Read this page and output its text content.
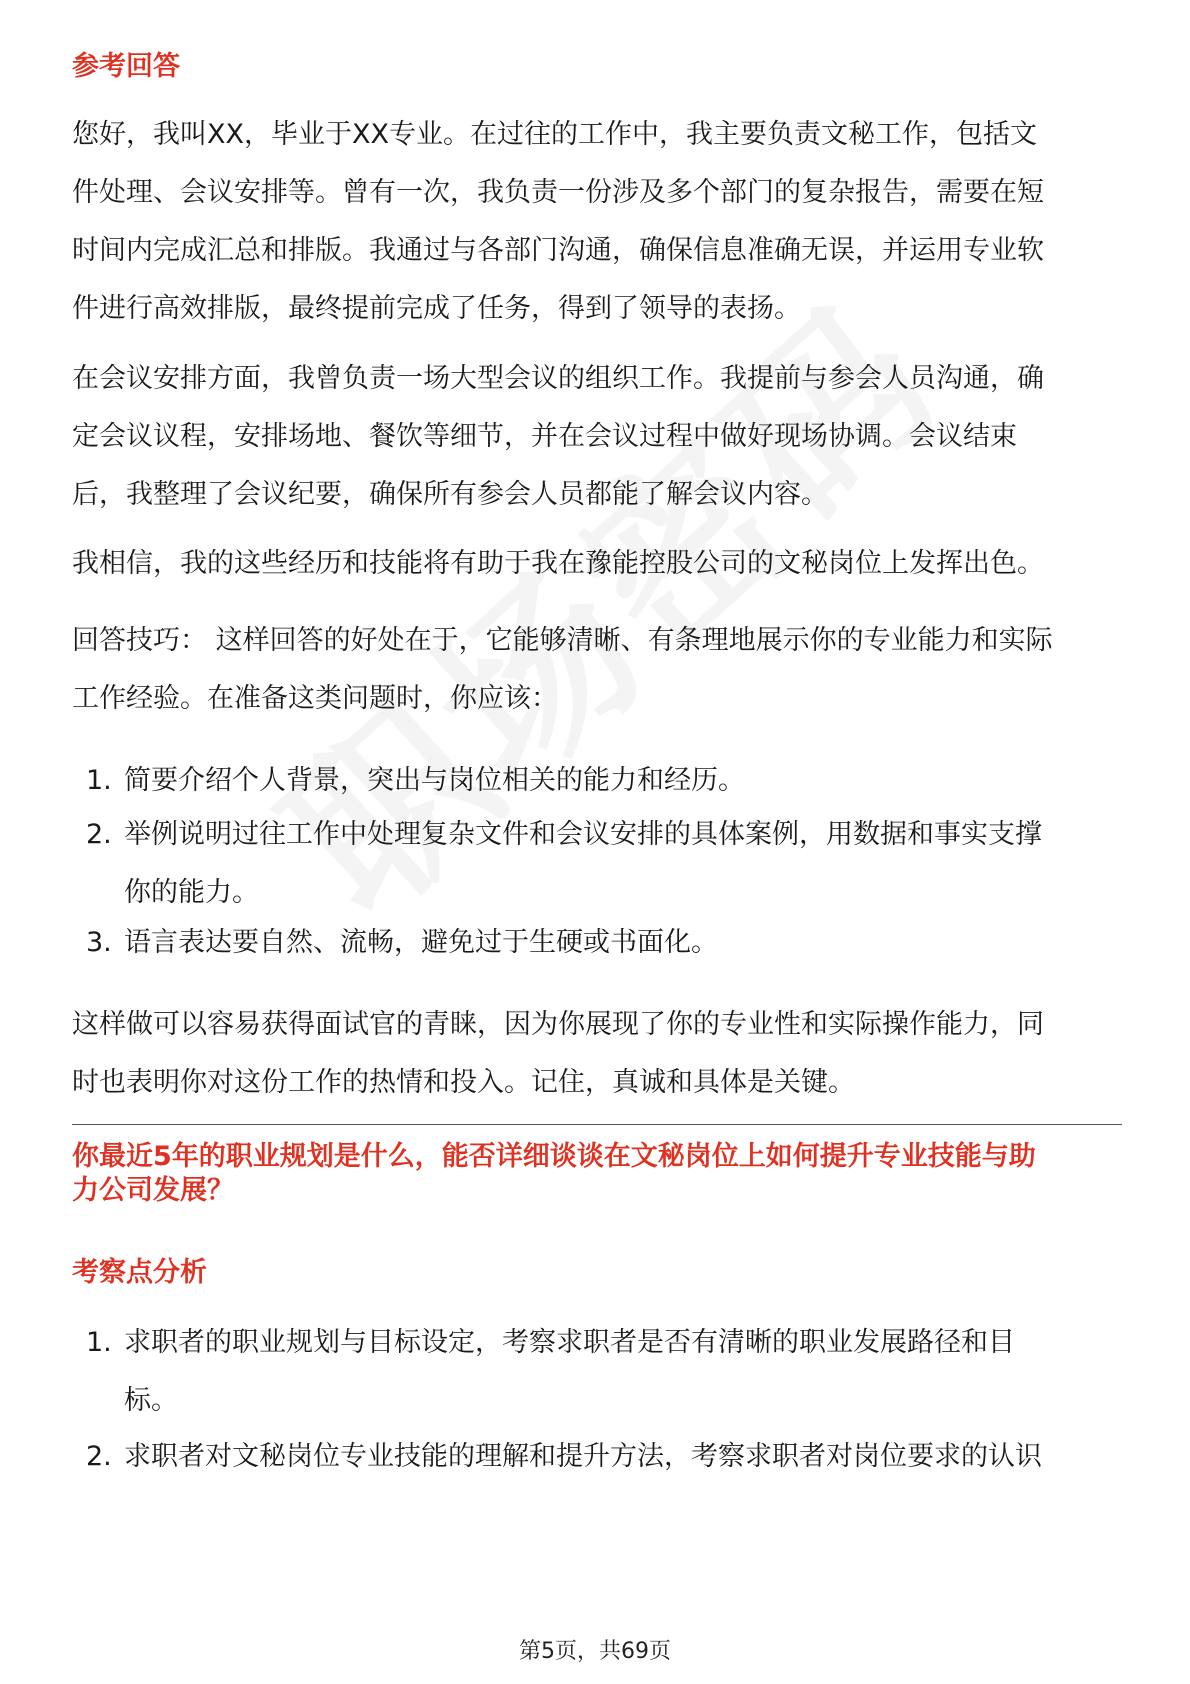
参考回答

您好，我叫XX，毕业于XX专业。在过往的工作中，我主要负责文秘工作，包括文

件处理、会议安排等。曾有一次，我负责一份涉及多个部门的复杂报告，需要在短

时间内完成汇总和排版。我通过与各部门沟通，确保信息准确无误，并运用专业软

件进行高效排版，最终提前完成了任务，得到了领导的表扬。

在会议安排方面，我曾负责一场大型会议的组织工作。我提前与参会人员沟通，确

定会议议程，安排场地、餐饮等细节，并在会议过程中做好现场协调。会议结束

后，我整理了会议纪要，确保所有参会人员都能了解会议内容。

我相信，我的这些经历和技能将有助于我在豫能控股公司的文秘岗位上发挥出色。

回答技巧： 这样回答的好处在于，它能够清晰、有条理地展示你的专业能力和实际

工作经验。在准备这类问题时，你应该：

1. 简要介绍个人背景，突出与岗位相关的能力和经历。
2. 举例说明过往工作中处理复杂文件和会议安排的具体案例，用数据和事实支撑
你的能力。
3. 语言表达要自然、流畅，避免过于生硬或书面化。

这样做可以容易获得面试官的青睐，因为你展现了你的专业性和实际操作能力，同

时也表明你对这份工作的热情和投入。记住，真诚和具体是关键。

你最近5年的职业规划是什么，能否详细谈谈在文秘岗位上如何提升专业技能与助

力公司发展？

考察点分析
1. 求职者的职业规划与目标设定，考察求职者是否有清晰的职业发展路径和目
标。
2. 求职者对文秘岗位专业技能的理解和提升方法，考察求职者对岗位要求的认识
第5页，共69页
